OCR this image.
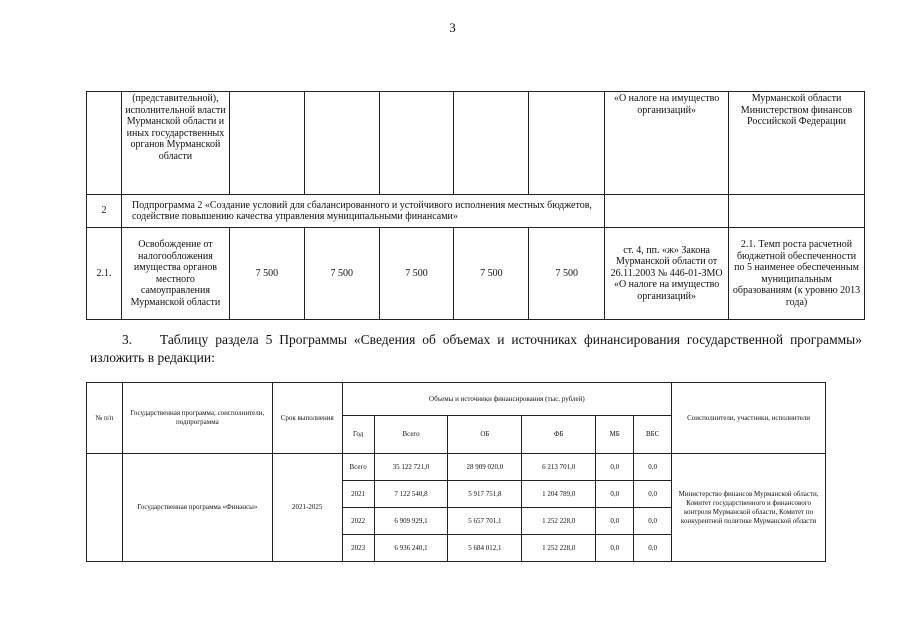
3
	(представительной), исполнительной власти Мурманской области и иных государственных органов Мурманской области						«О налоге на имущество организаций»	Мурманской области Министерством финансов Российской Федерации
2	Подпрограмма 2 «Создание условий для сбалансированного и устойчивого исполнения местных бюджетов, содействие повышению качества управления муниципальными финансами»							
2.1.	Освобождение от налогообложения имущества органов местного самоуправления Мурманской области	7 500	7 500	7 500	7 500	7 500	ст. 4, пп. «ж» Закона Мурманской области от 26.11.2003 № 446-01-ЗМО «О налоге на имущество организаций»	2.1. Темп роста расчетной бюджетной обеспеченности по 5 наименее обеспеченным муниципальным образованиям (к уровню 2013 года)
3.    Таблицу раздела 5 Программы «Сведения об объемах и источниках финансирования государственной программы» изложить в редакции:
№ п/п	Государственная программа, соисполнители, подпрограмма	Срок выполнения	Объемы и источники финансирования (тыс. рублей)						Соисполнители, участники, исполнители
			Год	Всего	ОБ	ФБ	МБ	ВБС	
	Государственная программа «Финансы»	2021-2025	Всего	35 122 721,0	28 909 020,0	6 213 701,0	0,0	0,0	Министерство финансов Мурманской области, Комитет государственного и финансового контроля Мурманской области, Комитет по конкурентной политике Мурманской области
			2021	7 122 540,8	5 917 751,8	1 204 789,0	0,0	0,0	
			2022	6 909 929,1	5 657 701,1	1 252 228,0	0,0	0,0	
			2023	6 936 240,1	5 684 012,1	1 252 228,0	0,0	0,0	
